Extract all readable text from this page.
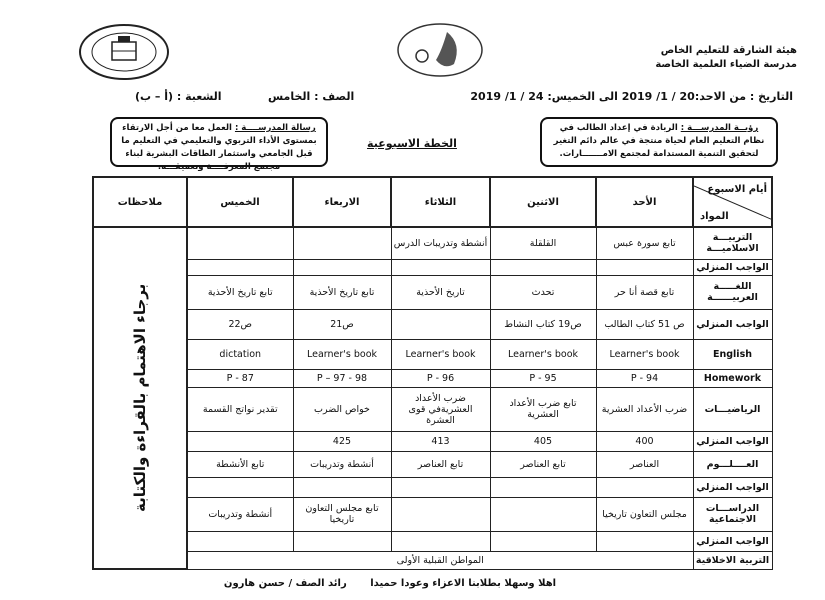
هيئة الشارقة للتعليم الخاص
مدرسة الضياء العلمية الخاصة
التاريخ : من الاحد:20 / 1/ 2019 الى الخميس: 24 / 1/ 2019
الصف : الخامس
الشعبة : (أ – ب)
رؤيــة المدرســـة : الريادة في إعداد الطالب في نظام التعليم العام لحياة منتجة في عالم دائم التغير لتحقيق التنمية المستدامة لمجتمع الامـــــــارات.
رسالة المدرســــة : العمل معا من أجل الارتقاء بمستوى الأداء التربوي والتعليمي في التعليم ما قبل الجامعي واستثمار الطاقات البشرية لبناء مجتمع المعرفــــة وتعميقـــه.
الخطة الاسبوعية
أيام الاسبوع
المواد	الأحد	الاثنين	الثلاثاء	الاربعاء	الخميس	ملاحظات
التربيـــة الاسلاميـــة	تابع سورة عبس	القلقلة	أنشطة وتدريبات الدرس			برجاء الاهتمام بالقراءة والكتابة

الواجب المنزلي						
اللغـــــة العربيــــــة	تابع قصة أنا حر	تحدث	تاريخ الأحذية	تابع تاريخ الأحذية	تابع تاريخ الأحذية	
الواجب المنزلي	ص 51 كتاب الطالب	ص19 كتاب النشاط		ص21	ص22	
English	Learner's book	Learner's book	Learner's book	Learner's book	dictation	
Homework	P - 94	P - 95	P - 96	P – 97 - 98	P - 87	
الرياضيـــات	ضرب الأعداد العشرية	تابع ضرب الأعداد العشرية	ضرب الأعداد العشريةفي قوى العشرة	خواص الضرب	تقدير نواتج القسمة	
الواجب المنزلي	400	405	413	425		
العــــلـــوم	العناصر	تابع العناصر	تابع العناصر	أنشطة وتدريبات	تابع الأنشطة	
الواجب المنزلي						
الدراســـات الاجتماعية	مجلس التعاون تاريخيا			تابع مجلس التعاون تاريخيا	أنشطة وتدريبات	
الواجب المنزلي						
التربية الاخلاقية	المواطن القبلية الأولى					
اهلا وسهلا بطلابنا الاعزاء وعودا حميدا رائد الصف / حسن هارون
